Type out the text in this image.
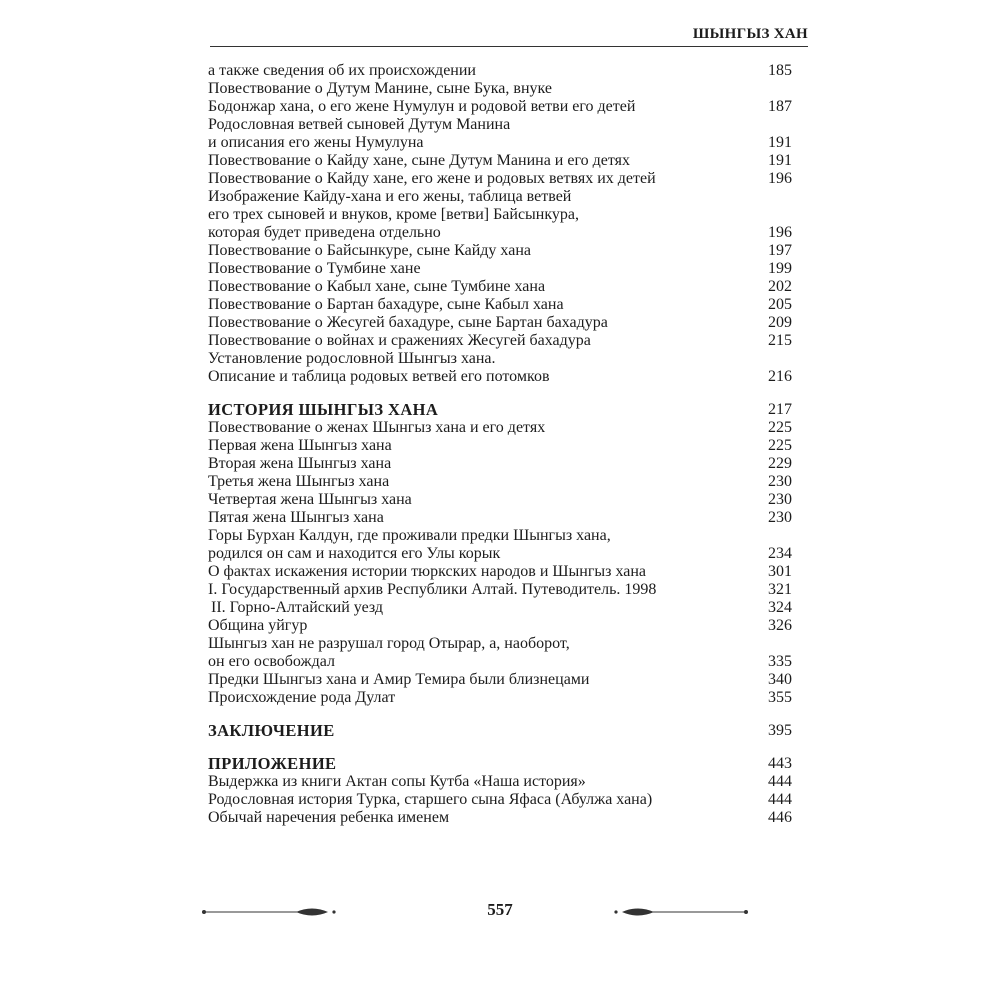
ШЫНГЫЗ ХАН
а также сведения об их происхождении	185
Повествование о Дутум Манине, сыне Бука, внуке
Бодонжар хана, о его жене Нумулун и родовой ветви его детей	187
Родословная ветвей сыновей Дутум Манина
и описания его жены Нумулуна	191
Повествование о Кайду хане, сыне Дутум Манина и его детях	191
Повествование о Кайду хане, его жене и родовых ветвях их детей	196
Изображение Кайду-хана и его жены, таблица ветвей
его трех сыновей и внуков, кроме [ветви] Байсынкура,
которая будет приведена отдельно	196
Повествование о Байсынкуре, сыне Кайду хана	197
Повествование о Тумбине хане	199
Повествование о Кабыл хане, сыне Тумбине хана	202
Повествование о Бартан бахадуре, сыне Кабыл хана	205
Повествование о Жесугей бахадуре, сыне Бартан бахадура	209
Повествование о войнах и сражениях Жесугей бахадура	215
Установление родословной Шынгыз хана.
Описание и таблица родовых ветвей его потомков	216
ИСТОРИЯ ШЫНГЫЗ ХАНА	217
Повествование о женах Шынгыз хана и его детях	225
Первая жена Шынгыз хана	225
Вторая жена Шынгыз хана	229
Третья жена Шынгыз хана	230
Четвертая жена Шынгыз хана	230
Пятая жена Шынгыз хана	230
Горы Бурхан Калдун, где проживали предки Шынгыз хана,
родился он сам и находится его Улы корык	234
О фактах искажения истории тюркских народов и Шынгыз хана	301
I. Государственный архив Республики Алтай. Путеводитель. 1998	321
II. Горно-Алтайский уезд	324
Община уйгур	326
Шынгыз хан не разрушал город Отырар, а, наоборот,
он его освобождал	335
Предки Шынгыз хана и Амир Темира были близнецами	340
Происхождение рода Дулат	355
ЗАКЛЮЧЕНИЕ	395
ПРИЛОЖЕНИЕ	443
Выдержка из книги Актан сопы Кутба «Наша история»	444
Родословная история Турка, старшего сына Яфаса (Абулжа хана)	444
Обычай наречения ребенка именем	446
557
